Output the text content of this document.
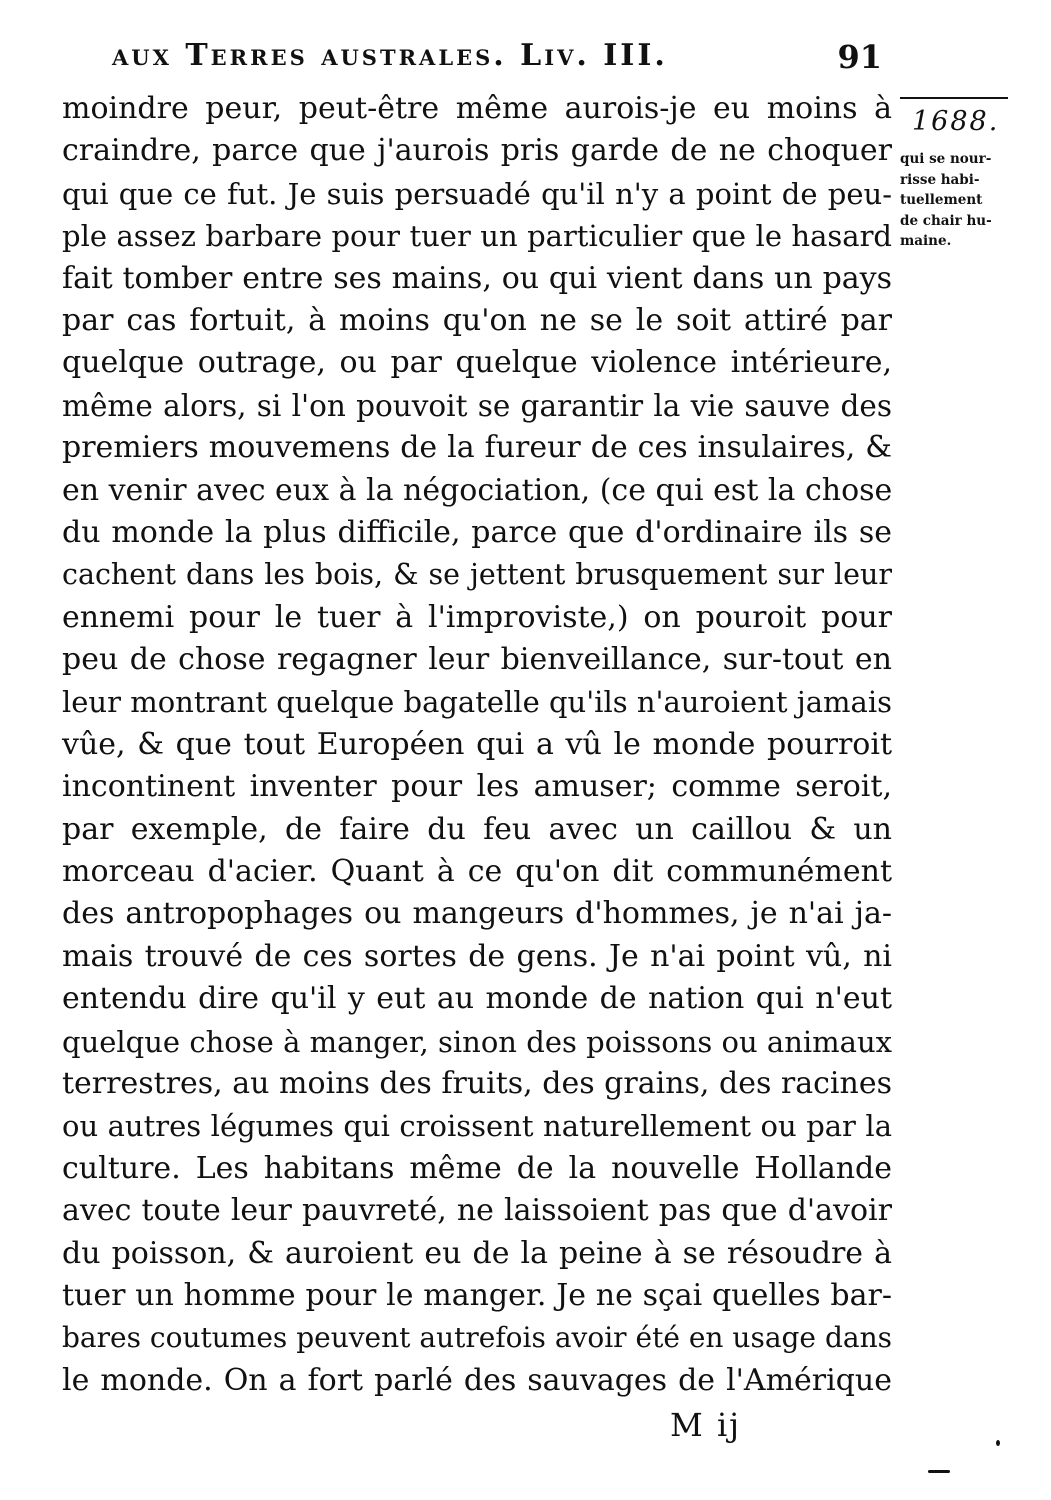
aux Terres australes. Liv. III.	91
1688.
qui se nour-
risse habi-
tuellement
de chair hu-
maine.
moindre peur, peut-être même aurois-je eu moins à
craindre, parce que j'aurois pris garde de ne choquer
qui que ce fut. Je suis persuadé qu'il n'y a point de peu-
ple assez barbare pour tuer un particulier que le hasard
fait tomber entre ses mains, ou qui vient dans un pays
par cas fortuit, à moins qu'on ne se le soit attiré par
quelque outrage, ou par quelque violence intérieure,
même alors, si l'on pouvoit se garantir la vie sauve des
premiers mouvemens de la fureur de ces insulaires, &
en venir avec eux à la négociation, (ce qui est la chose
du monde la plus difficile, parce que d'ordinaire ils se
cachent dans les bois, & se jettent brusquement sur leur
ennemi pour le tuer à l'improviste,) on pouroit pour
peu de chose regagner leur bienveillance, sur-tout en
leur montrant quelque bagatelle qu'ils n'auroient jamais
vûe, & que tout Européen qui a vû le monde pourroit
incontinent inventer pour les amuser; comme seroit,
par exemple, de faire du feu avec un caillou & un
morceau d'acier. Quant à ce qu'on dit communément
des antropophages ou mangeurs d'hommes, je n'ai ja-
mais trouvé de ces sortes de gens. Je n'ai point vû, ni
entendu dire qu'il y eut au monde de nation qui n'eut
quelque chose à manger, sinon des poissons ou animaux
terrestres, au moins des fruits, des grains, des racines
ou autres légumes qui croissent naturellement ou par la
culture. Les habitans même de la nouvelle Hollande
avec toute leur pauvreté, ne laissoient pas que d'avoir
du poisson, & auroient eu de la peine à se résoudre à
tuer un homme pour le manger. Je ne sçai quelles bar-
bares coutumes peuvent autrefois avoir été en usage dans
le monde. On a fort parlé des sauvages de l'Amérique
M ij
